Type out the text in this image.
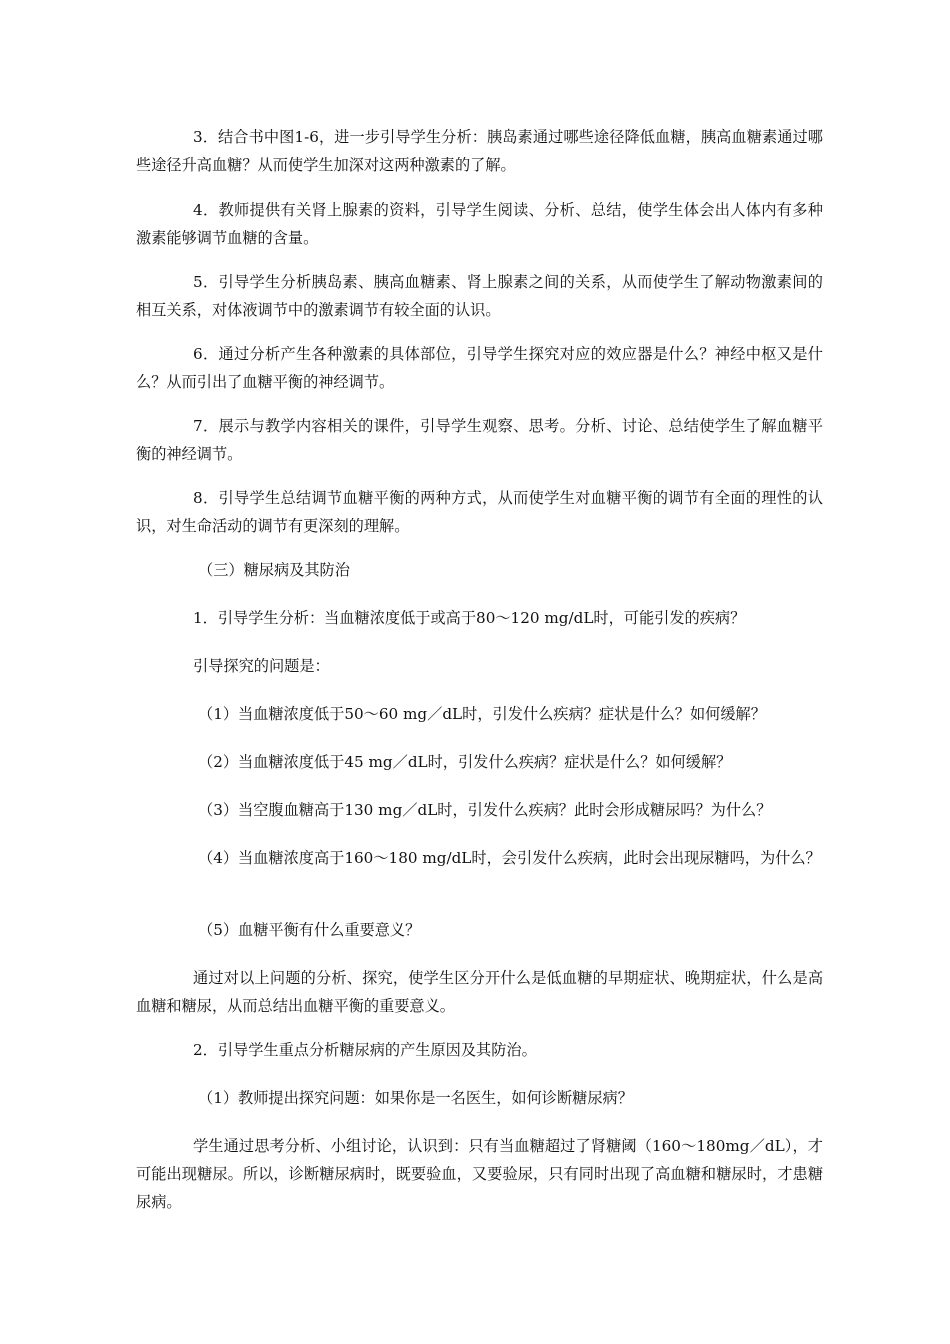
3．结合书中图1-6，进一步引导学生分析：胰岛素通过哪些途径降低血糖，胰高血糖素通过哪些途径升高血糖？从而使学生加深对这两种激素的了解。

4．教师提供有关肾上腺素的资料，引导学生阅读、分析、总结，使学生体会出人体内有多种激素能够调节血糖的含量。

5．引导学生分析胰岛素、胰高血糖素、肾上腺素之间的关系，从而使学生了解动物激素间的相互关系，对体液调节中的激素调节有较全面的认识。

6．通过分析产生各种激素的具体部位，引导学生探究对应的效应器是什么？神经中枢又是什么？从而引出了血糖平衡的神经调节。

7．展示与教学内容相关的课件，引导学生观察、思考。分析、讨论、总结使学生了解血糖平衡的神经调节。

8．引导学生总结调节血糖平衡的两种方式，从而使学生对血糖平衡的调节有全面的理性的认识，对生命活动的调节有更深刻的理解。

（三）糖尿病及其防治

1．引导学生分析：当血糖浓度低于或高于80～120 mg/dL时，可能引发的疾病？

引导探究的问题是：

（1）当血糖浓度低于50～60 mg／dL时，引发什么疾病？症状是什么？如何缓解？

（2）当血糖浓度低于45 mg／dL时，引发什么疾病？症状是什么？如何缓解？

（3）当空腹血糖高于130 mg／dL时，引发什么疾病？此时会形成糖尿吗？为什么？

（4）当血糖浓度高于160～180 mg/dL时，会引发什么疾病，此时会出现尿糖吗，为什么？

（5）血糖平衡有什么重要意义？

通过对以上问题的分析、探究，使学生区分开什么是低血糖的早期症状、晚期症状，什么是高血糖和糖尿，从而总结出血糖平衡的重要意义。

2．引导学生重点分析糖尿病的产生原因及其防治。

（1）教师提出探究问题：如果你是一名医生，如何诊断糖尿病？

学生通过思考分析、小组讨论，认识到：只有当血糖超过了肾糖阈（160～180mg／dL），才可能出现糖尿。所以，诊断糖尿病时，既要验血，又要验尿，只有同时出现了高血糖和糖尿时，才患糖尿病。
